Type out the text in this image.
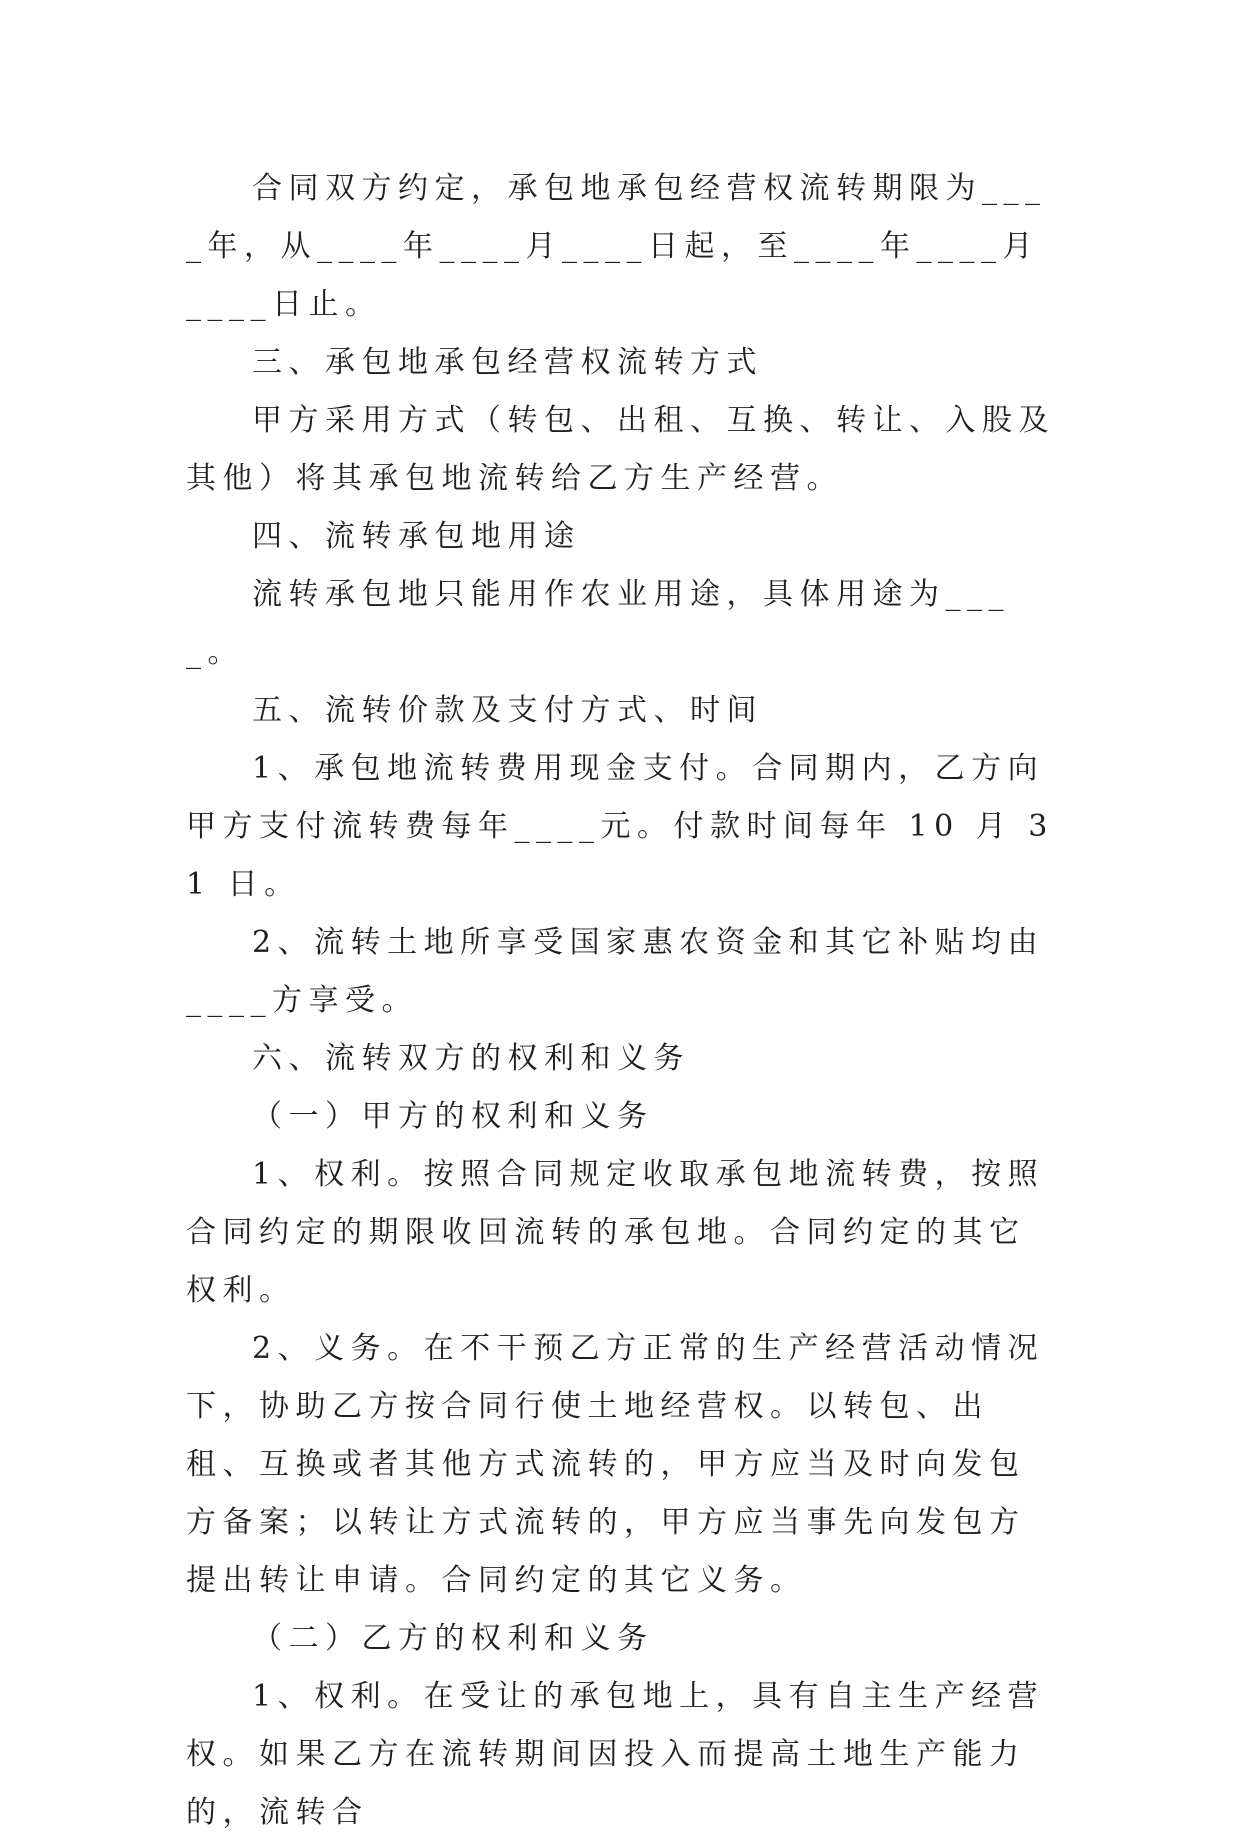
合同双方约定，承包地承包经营权流转期限为____年，从____年____月____日起，至____年____月____日止。

三、承包地承包经营权流转方式

甲方采用方式（转包、出租、互换、转让、入股及其他）将其承包地流转给乙方生产经营。

四、流转承包地用途

流转承包地只能用作农业用途，具体用途为____。

五、流转价款及支付方式、时间

1、承包地流转费用现金支付。合同期内，乙方向甲方支付流转费每年____元。付款时间每年 10 月 31 日。

2、流转土地所享受国家惠农资金和其它补贴均由____方享受。

六、流转双方的权利和义务

（一）甲方的权利和义务

1、权利。按照合同规定收取承包地流转费，按照合同约定的期限收回流转的承包地。合同约定的其它权利。

2、义务。在不干预乙方正常的生产经营活动情况下，协助乙方按合同行使土地经营权。以转包、出租、互换或者其他方式流转的，甲方应当及时向发包方备案；以转让方式流转的，甲方应当事先向发包方提出转让申请。合同约定的其它义务。

（二）乙方的权利和义务

1、权利。在受让的承包地上，具有自主生产经营权。如果乙方在流转期间因投入而提高土地生产能力的，流转合
